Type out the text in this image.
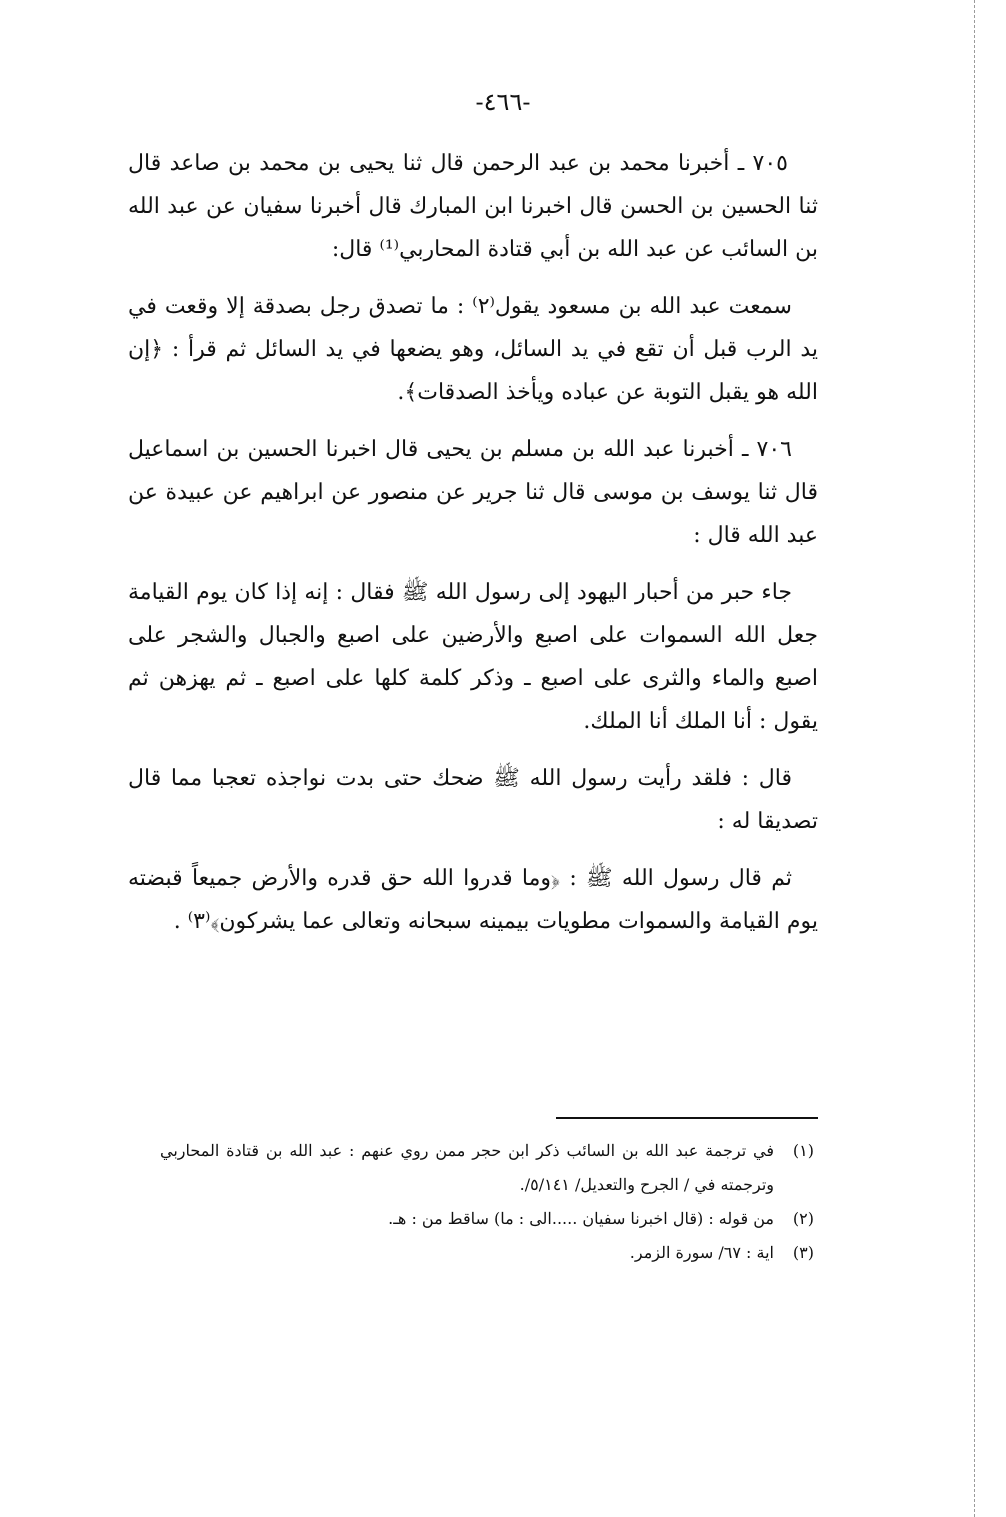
-٤٦٦-

٧٠٥ ـ أخبرنا محمد بن عبد الرحمن قال ثنا يحيى بن محمد بن صاعد قال ثنا الحسين بن الحسن قال اخبرنا ابن المبارك قال أخبرنا سفيان عن عبد الله بن السائب عن عبد الله بن أبي قتادة المحاربي⁽¹⁾ قال:

سمعت عبد الله بن مسعود يقول⁽٢⁾ : ما تصدق رجل بصدقة إلا وقعت في يد الرب قبل أن تقع في يد السائل، وهو يضعها في يد السائل ثم قرأ : ﴿إن الله هو يقبل التوبة عن عباده ويأخذ الصدقات﴾.

٧٠٦ ـ أخبرنا عبد الله بن مسلم بن يحيى قال اخبرنا الحسين بن اسماعيل قال ثنا يوسف بن موسى قال ثنا جرير عن منصور عن ابراهيم عن عبيدة عن عبد الله قال :

جاء حبر من أحبار اليهود إلى رسول الله ﷺ فقال : إنه إذا كان يوم القيامة جعل الله السموات على اصبع والأرضين على اصبع والجبال والشجر على اصبع والماء والثرى على اصبع ـ وذكر كلمة كلها على اصبع ـ ثم يهزهن ثم يقول : أنا الملك أنا الملك.

قال : فلقد رأيت رسول الله ﷺ ضحك حتى بدت نواجذه تعجبا مما قال تصديقا له :

ثم قال رسول الله ﷺ : ﴿وما قدروا الله حق قدره والأرض جميعاً قبضته يوم القيامة والسموات مطويات بيمينه سبحانه وتعالى عما يشركون﴾⁽٣⁾ .

(١)
في ترجمة عبد الله بن السائب ذكر ابن حجر ممن روي عنهم : عبد الله بن قتادة المحاربي وترجمته في / الجرح والتعديل/ ٥/١٤١/.
(٢)
من قوله : (قال اخبرنا سفيان .....الى : ما) ساقط من : هـ.
(٣)
اية : ٦٧/ سورة الزمر.
